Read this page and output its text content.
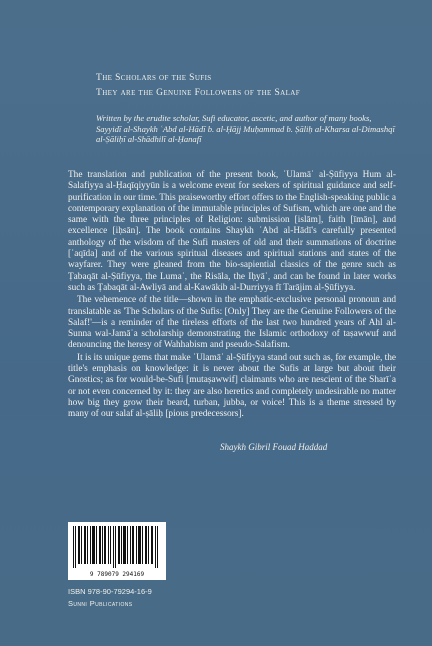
The Scholars of the Sufis
They are the Genuine Followers of the Salaf
Written by the erudite scholar, Sufi educator, ascetic, and author of many books, Sayyidī al-Shaykh ʿAbd al-Hādī b. al-Ḥājj Muḥammad b. Ṣāliḥ al-Kharsa al-Dimashqī al-Ṣāliḥī al-Shādhilī al-Ḥanafī

The translation and publication of the present book, ʿUlamāʾ al-Ṣūfiyya Hum al-Salafiyya al-Ḥaqīqiyyūn is a welcome event for seekers of spiritual guidance and self-purification in our time. This praiseworthy effort offers to the English-speaking public a contemporary explanation of the immutable principles of Sufism, which are one and the same with the three principles of Religion: submission [islām], faith [īmān], and excellence [iḥsān]. The book contains Shaykh ʿAbd al-Hādī's carefully presented anthology of the wisdom of the Sufi masters of old and their summations of doctrine [ʿaqīda] and of the various spiritual diseases and spiritual stations and states of the wayfarer. They were gleaned from the bio-sapiential classics of the genre such as Ṭabaqāt al-Ṣūfiyya, the Lumaʿ, the Risāla, the Iḥyāʾ, and can be found in later works such as Ṭabaqāt al-Awliyā and al-Kawākib al-Durriyya fī Tarājim al-Ṣūfiyya.

The vehemence of the title—shown in the emphatic-exclusive personal pronoun and translatable as 'The Scholars of the Sufis: [Only] They are the Genuine Followers of the Salaf!'—is a reminder of the tireless efforts of the last two hundred years of Ahl al-Sunna wal-Jamāʿa scholarship demonstrating the Islamic orthodoxy of taṣawwuf and denouncing the heresy of Wahhabism and pseudo-Salafism.

It is its unique gems that make ʿUlamāʾ al-Ṣūfiyya stand out such as, for example, the title's emphasis on knowledge: it is never about the Sufis at large but about their Gnostics; as for would-be-Sufi [mutaṣawwif] claimants who are nescient of the Sharīʿa or not even concerned by it: they are also heretics and completely undesirable no matter how big they grow their beard, turban, jubba, or voice! This is a theme stressed by many of our salaf al-ṣāliḥ [pious predecessors].

Shaykh Gibril Fouad Haddad
9 789079 294169
ISBN 978-90-79294-16-9
Sunni Publications
